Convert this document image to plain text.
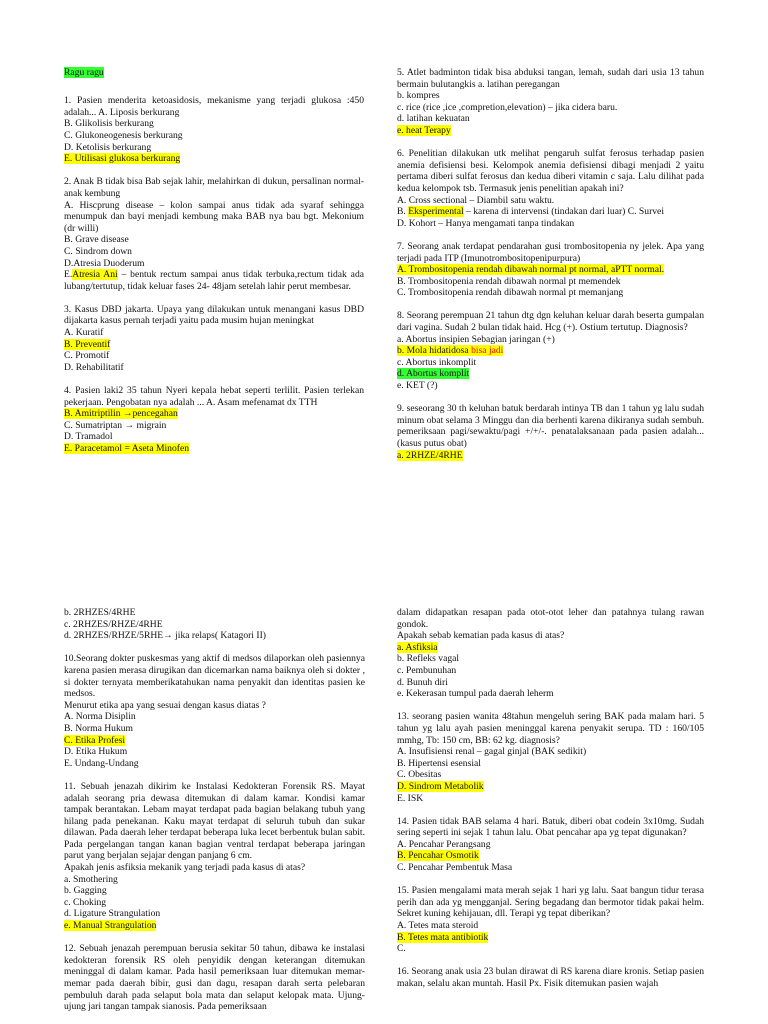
Ragu ragu

1. Pasien menderita ketoasidosis, mekanisme yang terjadi glukosa :450 adalah... A. Liposis berkurang

B. Glikolisis berkurang

C. Glukoneogenesis berkurang

D. Ketolisis berkurang

E. Utilisasi glukosa berkurang

2. Anak B tidak bisa Bab sejak lahir, melahirkan di dukun, persalinan normal- anak kembung

A. Hiscprung disease – kolon sampai anus tidak ada syaraf sehingga menumpuk dan bayi menjadi kembung maka BAB nya bau bgt. Mekonium (dr willi)

B. Grave disease

C. Sindrom down

D.Atresia Duoderum

E.Atresia Ani – bentuk rectum sampai anus tidak terbuka,rectum tidak ada lubang/tertutup, tidak keluar fases 24- 48jam setelah lahir perut membesar.

3. Kasus DBD jakarta. Upaya yang dilakukan untuk menangani kasus DBD dijakarta kasus pernah terjadi yaitu pada musim hujan meningkat

A. Kuratif

B. Preventif

C. Promotif

D. Rehabilitatif

4. Pasien laki2 35 tahun Nyeri kepala hebat seperti terlilit. Pasien terlekan pekerjaan. Pengobatan nya adalah ... A. Asam mefenamat dx TTH

B. Amitriptilin →pencegahan

C. Sumatriptan → migrain

D. Tramadol

E. Paracetamol = Aseta Minofen

5. Atlet badminton tidak bisa abduksi tangan, lemah, sudah dari usia 13 tahun bermain bulutangkis a. latihan peregangan

b. kompres

c. rice (rice ,ice ,compretion,elevation) – jika cidera baru.

d. latihan kekuatan

e. heat Terapy

6. Penelitian dilakukan utk melihat pengaruh sulfat ferosus terhadap pasien anemia defisiensi besi. Kelompok anemia defisiensi dibagi menjadi 2 yaitu pertama diberi sulfat ferosus dan kedua diberi vitamin c saja. Lalu dilihat pada kedua kelompok tsb. Termasuk jenis penelitian apakah ini?

A. Cross sectional – Diambil satu waktu.

B. Eksperimental – karena di intervensi (tindakan dari luar) C. Survei

D. Kohort – Hanya mengamati tanpa tindakan

7. Seorang anak terdapat pendarahan gusi trombositopenia ny jelek. Apa yang terjadi pada ITP (Imunotrombositopenipurpura)

A. Trombositopenia rendah dibawah normal pt normal, aPTT normal.

B. Trombositopenia rendah dibawah normal pt memendek

C. Trombositopenia rendah dibawah normal pt memanjang

8. Seorang perempuan 21 tahun dtg dgn keluhan keluar darah beserta gumpalan dari vagina. Sudah 2 bulan tidak haid. Hcg (+). Ostium tertutup. Diagnosis?

a. Abortus insipien Sebagian jaringan (+)

b. Mola hidatidosa bisa jadi

c. Abortus inkomplit

d. Abortus komplit

e. KET (?)

9. seseorang 30 th keluhan batuk berdarah intinya TB dan 1 tahun yg lalu sudah minum obat selama 3 Minggu dan dia berhenti karena dikiranya sudah sembuh. pemeriksaan pagi/sewaktu/pagi +/+/-. penatalaksanaan pada pasien adalah... (kasus putus obat)

a. 2RHZE/4RHE

b. 2RHZES/4RHE

c. 2RHZES/RHZE/4RHE

d. 2RHZES/RHZE/5RHE→ jika relaps( Katagori II)

10.Seorang dokter puskesmas yang aktif di medsos dilaporkan oleh pasiennya karena pasien merasa dirugikan dan dicemarkan nama baiknya oleh si dokter , si dokter ternyata memberikatahukan nama penyakit dan identitas pasien ke medsos.

Menurut etika apa yang sesuai dengan kasus diatas ?

A. Norma Disiplin

B. Norma Hukum

C. Etika Profesi

D. Etika Hukum

E. Undang-Undang

11. Sebuah jenazah dikirim ke Instalasi Kedokteran Forensik RS. Mayat adalah seorang pria dewasa ditemukan di dalam kamar. Kondisi kamar tampak berantakan. Lebam mayat terdapat pada bagian belakang tubuh yang hilang pada penekanan. Kaku mayat terdapat di seluruh tubuh dan sukar dilawan. Pada daerah leher terdapat beberapa luka lecet berbentuk bulan sabit. Pada pergelangan tangan kanan bagian ventral terdapat beberapa jaringan parut yang berjalan sejajar dengan panjang 6 cm.

Apakah jenis asfiksia mekanik yang terjadi pada kasus di atas?

a. Smothering

b. Gagging

c. Choking

d. Ligature Strangulation

e. Manual Strangulation

12. Sebuah jenazah perempuan berusia sekitar 50 tahun, dibawa ke instalasi kedokteran forensik RS oleh penyidik dengan keterangan ditemukan meninggal di dalam kamar. Pada hasil pemeriksaan luar ditemukan memar-memar pada daerah bibir, gusi dan dagu, resapan darah serta pelebaran pembuluh darah pada selaput bola mata dan selaput kelopak mata. Ujung-ujung jari tangan tampak sianosis. Pada pemeriksaan

dalam didapatkan resapan pada otot-otot leher dan patahnya tulang rawan gondok.

Apakah sebab kematian pada kasus di atas?

a. Asfiksia

b. Refleks vagal

c. Pembunuhan

d. Bunuh diri

e. Kekerasan tumpul pada daerah leherm

13. seorang pasien wanita 48tahun mengeluh sering BAK pada malam hari. 5 tahun yg lalu ayah pasien meninggal karena penyakit serupa. TD : 160/105 mmhg, Tb: 150 cm, BB: 62 kg. diagnosis?

A. Insufisiensi renal – gagal ginjal (BAK sedikit)

B. Hipertensi esensial

C. Obesitas

D. Sindrom Metabolik

E. ISK

14. Pasien tidak BAB selama 4 hari. Batuk, diberi obat codein 3x10mg. Sudah sering seperti ini sejak 1 tahun lalu. Obat pencahar apa yg tepat digunakan?

A. Pencahar Perangsang

B. Pencahar Osmotik

C. Pencahar Pembentuk Masa

15. Pasien mengalami mata merah sejak 1 hari yg lalu. Saat bangun tidur terasa perih dan ada yg mengganjal. Sering begadang dan bermotor tidak pakai helm. Sekret kuning kehijauan, dll. Terapi yg tepat diberikan?

A. Tetes mata steroid

B. Tetes mata antibiotik

C.

16. Seorang anak usia 23 bulan dirawat di RS karena diare kronis. Setiap pasien makan, selalu akan muntah. Hasil Px. Fisik ditemukan pasien wajah
